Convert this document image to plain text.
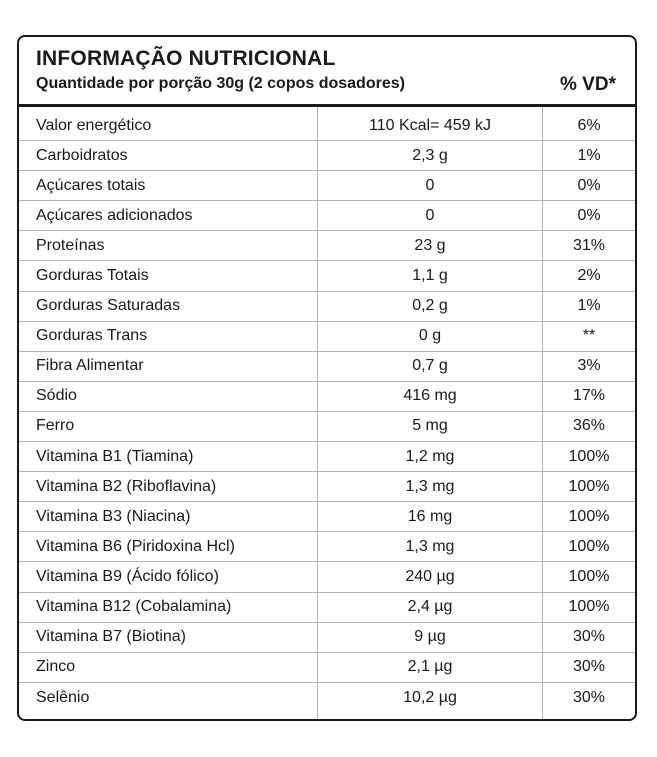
INFORMAÇÃO NUTRICIONAL
Quantidade por porção 30g (2 copos dosadores)	% VD*
Valor energético	110 Kcal= 459 kJ	6%
Carboidratos	2,3 g	1%
Açúcares totais	0	0%
Açúcares adicionados	0	0%
Proteínas	23 g	31%
Gorduras Totais	1,1 g	2%
Gorduras Saturadas	0,2 g	1%
Gorduras Trans	0 g	**
Fibra Alimentar	0,7 g	3%
Sódio	416 mg	17%
Ferro	5 mg	36%
Vitamina B1 (Tiamina)	1,2 mg	100%
Vitamina B2 (Riboflavina)	1,3 mg	100%
Vitamina B3 (Niacina)	16 mg	100%
Vitamina B6 (Piridoxina Hcl)	1,3 mg	100%
Vitamina B9 (Ácido fólico)	240 µg	100%
Vitamina B12 (Cobalamina)	2,4 µg	100%
Vitamina B7 (Biotina)	9 µg	30%
Zinco	2,1 µg	30%
Selênio	10,2 µg	30%
